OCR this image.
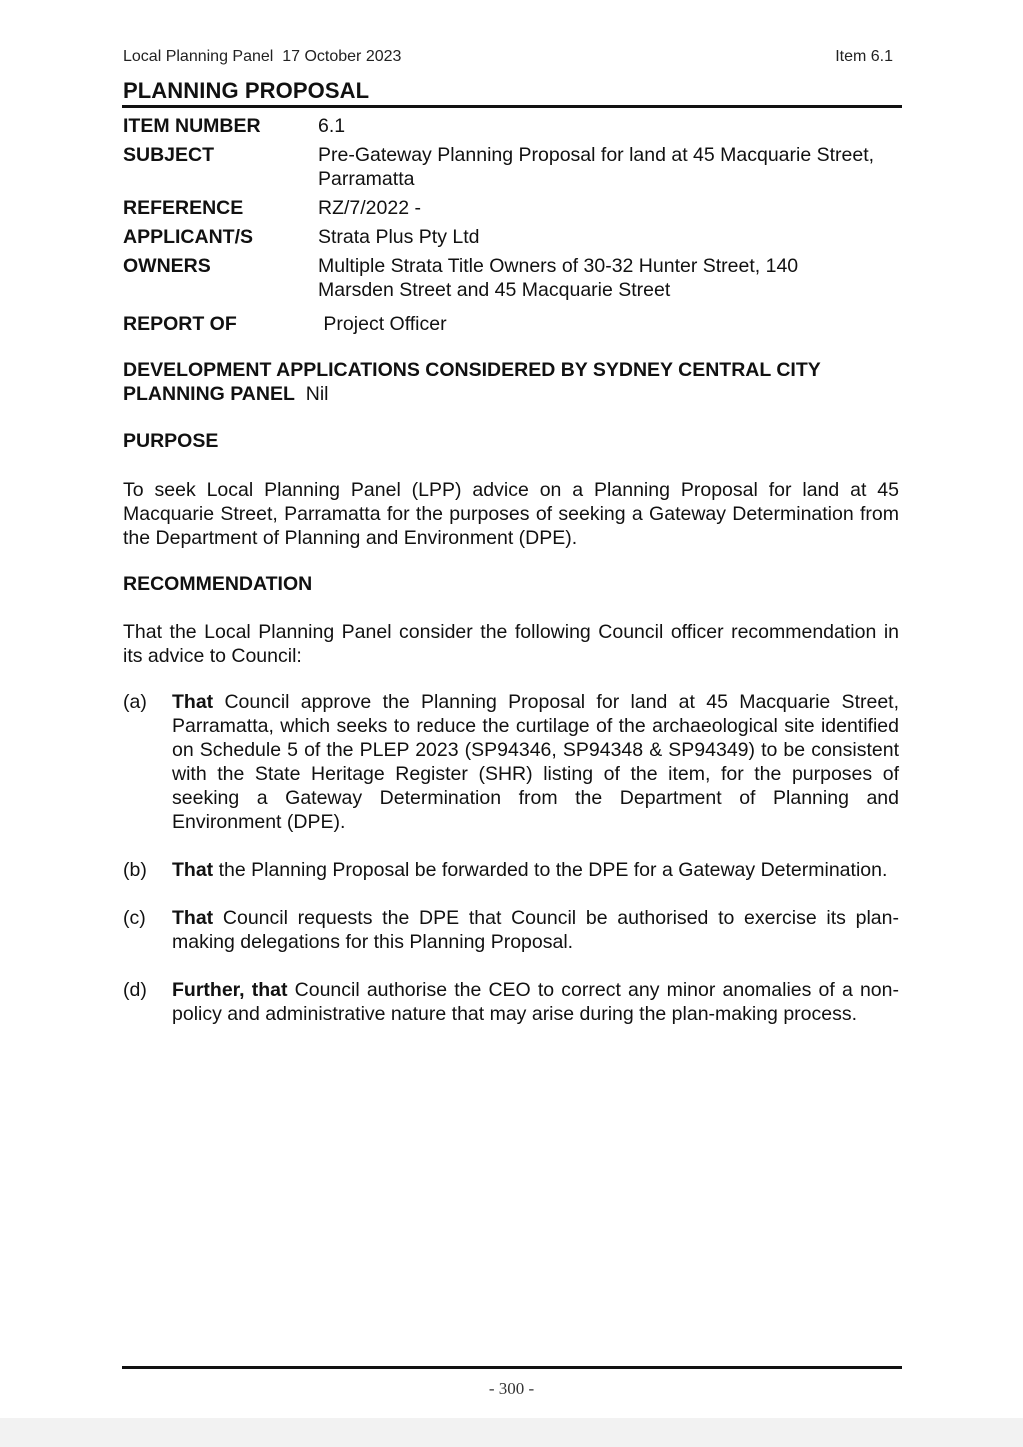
Local Planning Panel  17 October 2023	Item 6.1
PLANNING PROPOSAL
ITEM NUMBER	6.1
SUBJECT	Pre-Gateway Planning Proposal for land at 45 Macquarie Street, Parramatta
REFERENCE	RZ/7/2022 -
APPLICANT/S	Strata Plus Pty Ltd
OWNERS	Multiple Strata Title Owners of 30-32 Hunter Street, 140 Marsden Street and 45 Macquarie Street
REPORT OF	Project Officer
DEVELOPMENT APPLICATIONS CONSIDERED BY SYDNEY CENTRAL CITY PLANNING PANEL Nil
PURPOSE
To seek Local Planning Panel (LPP) advice on a Planning Proposal for land at 45 Macquarie Street, Parramatta for the purposes of seeking a Gateway Determination from the Department of Planning and Environment (DPE).
RECOMMENDATION
That the Local Planning Panel consider the following Council officer recommendation in its advice to Council:
(a)	That Council approve the Planning Proposal for land at 45 Macquarie Street, Parramatta, which seeks to reduce the curtilage of the archaeological site identified on Schedule 5 of the PLEP 2023 (SP94346, SP94348 & SP94349) to be consistent with the State Heritage Register (SHR) listing of the item, for the purposes of seeking a Gateway Determination from the Department of Planning and Environment (DPE).
(b)	That the Planning Proposal be forwarded to the DPE for a Gateway Determination.
(c)	That Council requests the DPE that Council be authorised to exercise its plan-making delegations for this Planning Proposal.
(d)	Further, that Council authorise the CEO to correct any minor anomalies of a non-policy and administrative nature that may arise during the plan-making process.
- 300 -
